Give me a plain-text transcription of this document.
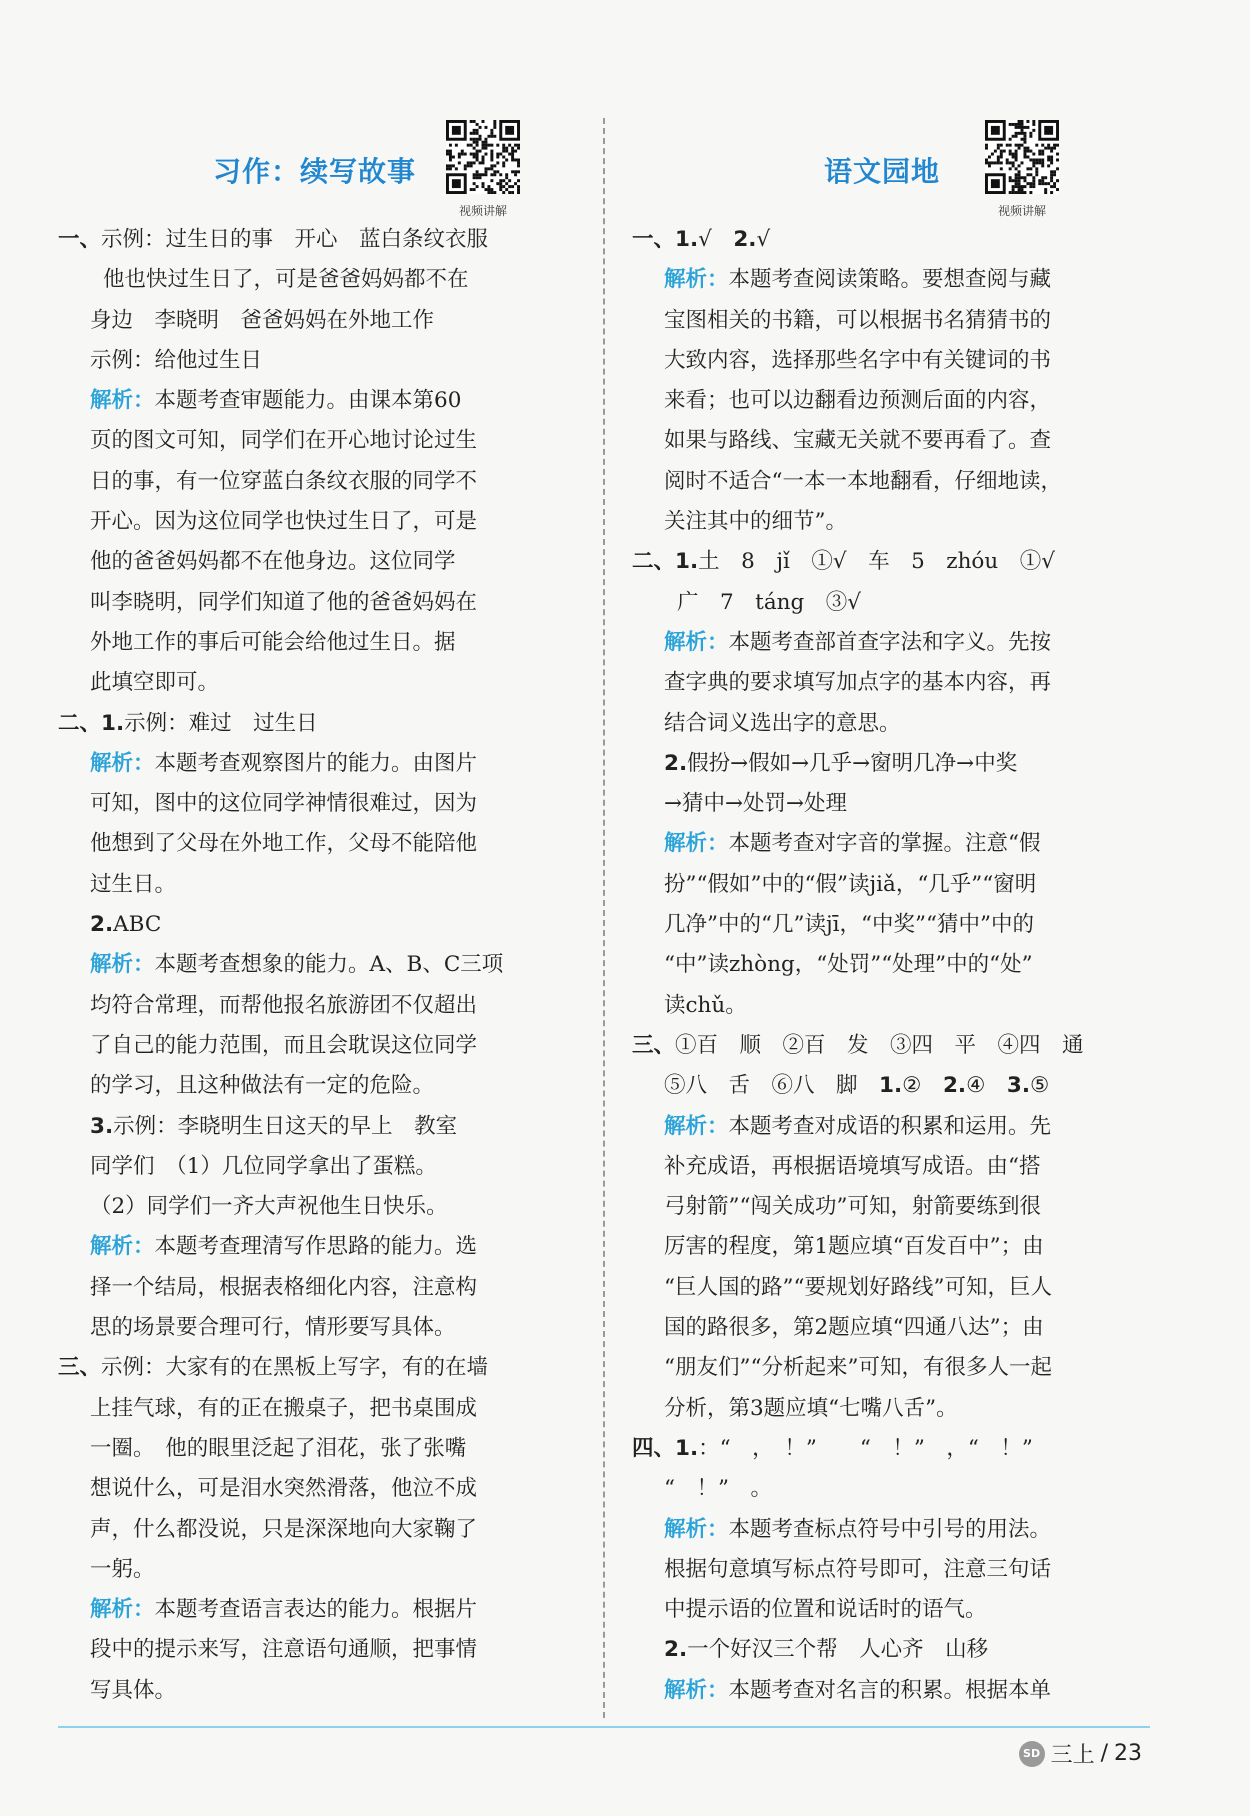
习作：续写故事
视频讲解
一、示例：过生日的事　开心　蓝白条纹衣服
他也快过生日了，可是爸爸妈妈都不在
身边　李晓明　爸爸妈妈在外地工作
示例：给他过生日
解析：本题考查审题能力。由课本第60
页的图文可知，同学们在开心地讨论过生
日的事，有一位穿蓝白条纹衣服的同学不
开心。因为这位同学也快过生日了，可是
他的爸爸妈妈都不在他身边。这位同学
叫李晓明，同学们知道了他的爸爸妈妈在
外地工作的事后可能会给他过生日。据
此填空即可。
二、1.示例：难过　过生日
解析：本题考查观察图片的能力。由图片
可知，图中的这位同学神情很难过，因为
他想到了父母在外地工作，父母不能陪他
过生日。
2.ABC
解析：本题考查想象的能力。A、B、C三项
均符合常理，而帮他报名旅游团不仅超出
了自己的能力范围，而且会耽误这位同学
的学习，且这种做法有一定的危险。
3.示例：李晓明生日这天的早上　教室
同学们　（1）几位同学拿出了蛋糕。
（2）同学们一齐大声祝他生日快乐。
解析：本题考查理清写作思路的能力。选
择一个结局，根据表格细化内容，注意构
思的场景要合理可行，情形要写具体。
三、示例：大家有的在黑板上写字，有的在墙
上挂气球，有的正在搬桌子，把书桌围成
一圈。　他的眼里泛起了泪花，张了张嘴
想说什么，可是泪水突然滑落，他泣不成
声，什么都没说，只是深深地向大家鞠了
一躬。
解析：本题考查语言表达的能力。根据片
段中的提示来写，注意语句通顺，把事情
写具体。
语文园地
视频讲解
一、1.√　2.√
解析：本题考查阅读策略。要想查阅与藏
宝图相关的书籍，可以根据书名猜猜书的
大致内容，选择那些名字中有关键词的书
来看；也可以边翻看边预测后面的内容，
如果与路线、宝藏无关就不要再看了。查
阅时不适合“一本一本地翻看，仔细地读，
关注其中的细节”。
二、1.土　8　jǐ　①√　车　5　zhóu　①√
广　7　táng　③√
解析：本题考查部首查字法和字义。先按
查字典的要求填写加点字的基本内容，再
结合词义选出字的意思。
2.假扮→假如→几乎→窗明几净→中奖
→猜中→处罚→处理
解析：本题考查对字音的掌握。注意“假
扮”“假如”中的“假”读jiǎ，“几乎”“窗明
几净”中的“几”读jī，“中奖”“猜中”中的
“中”读zhòng，“处罚”“处理”中的“处”
读chǔ。
三、①百　顺　②百　发　③四　平　④四　通
⑤八　舌　⑥八　脚　1.②　2.④　3.⑤
解析：本题考查对成语的积累和运用。先
补充成语，再根据语境填写成语。由“搭
弓射箭”“闯关成功”可知，射箭要练到很
厉害的程度，第1题应填“百发百中”；由
“巨人国的路”“要规划好路线”可知，巨人
国的路很多，第2题应填“四通八达”；由
“朋友们”“分析起来”可知，有很多人一起
分析，第3题应填“七嘴八舌”。
四、1.：“　，　！”　　“　！”　，“　！”
“　！”　。
解析：本题考查标点符号中引号的用法。
根据句意填写标点符号即可，注意三句话
中提示语的位置和说话时的语气。
2.一个好汉三个帮　人心齐　山移
解析：本题考查对名言的积累。根据本单
SD 三上 / 23
